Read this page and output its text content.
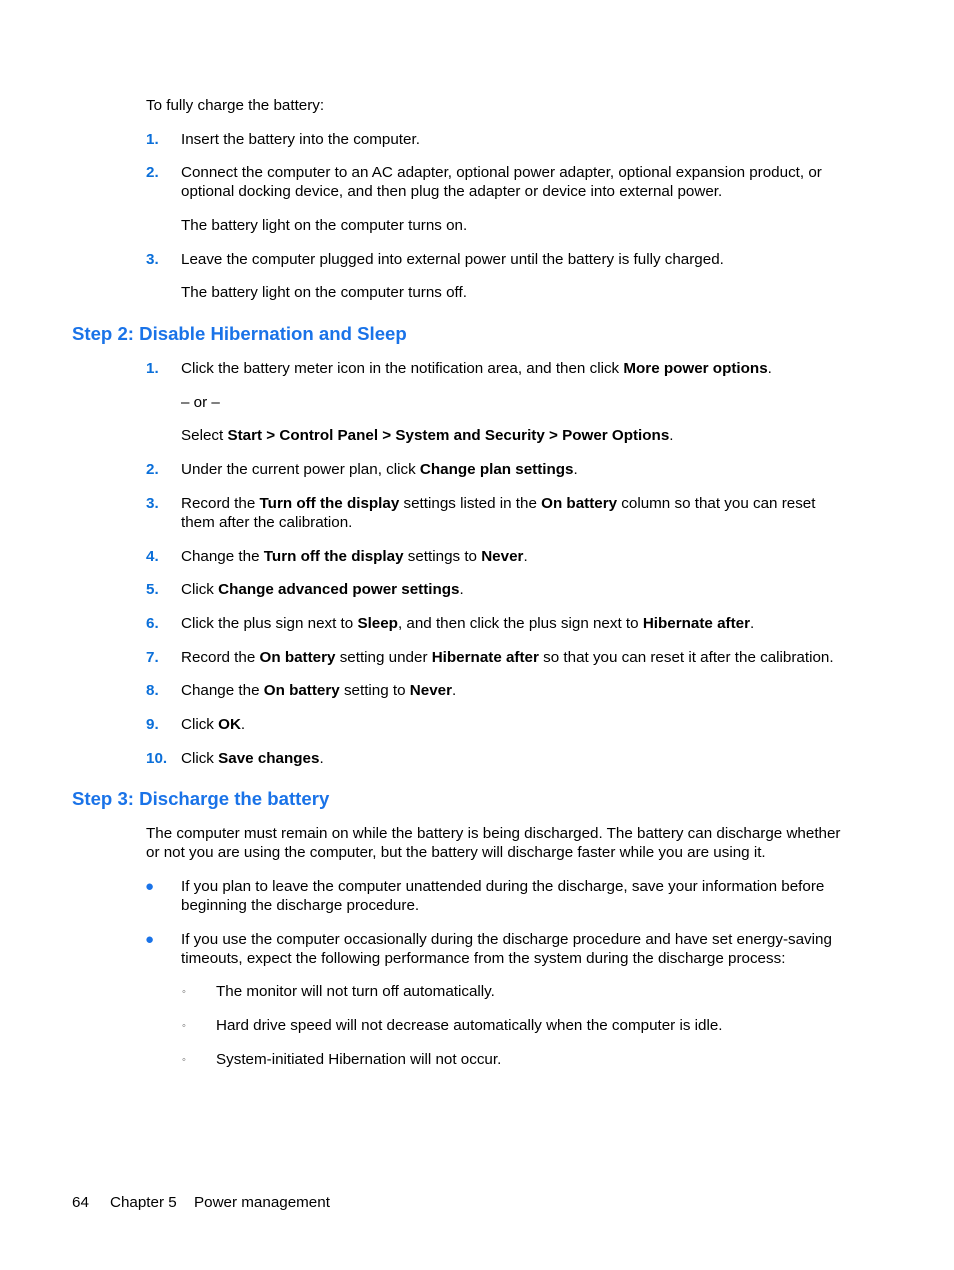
To fully charge the battery:
1. Insert the battery into the computer.
2. Connect the computer to an AC adapter, optional power adapter, optional expansion product, or
optional docking device, and then plug the adapter or device into external power.
The battery light on the computer turns on.
3. Leave the computer plugged into external power until the battery is fully charged.
The battery light on the computer turns off.
Step 2: Disable Hibernation and Sleep
1. Click the battery meter icon in the notification area, and then click More power options.
– or –
Select Start > Control Panel > System and Security > Power Options.
2. Under the current power plan, click Change plan settings.
3. Record the Turn off the display settings listed in the On battery column so that you can reset
them after the calibration.
4. Change the Turn off the display settings to Never.
5. Click Change advanced power settings.
6. Click the plus sign next to Sleep, and then click the plus sign next to Hibernate after.
7. Record the On battery setting under Hibernate after so that you can reset it after the calibration.
8. Change the On battery setting to Never.
9. Click OK.
10. Click Save changes.
Step 3: Discharge the battery
The computer must remain on while the battery is being discharged. The battery can discharge whether
or not you are using the computer, but the battery will discharge faster while you are using it.
● If you plan to leave the computer unattended during the discharge, save your information before
beginning the discharge procedure.
● If you use the computer occasionally during the discharge procedure and have set energy-saving
timeouts, expect the following performance from the system during the discharge process:
◦ The monitor will not turn off automatically.
◦ Hard drive speed will not decrease automatically when the computer is idle.
◦ System-initiated Hibernation will not occur.
64 Chapter 5 Power management
